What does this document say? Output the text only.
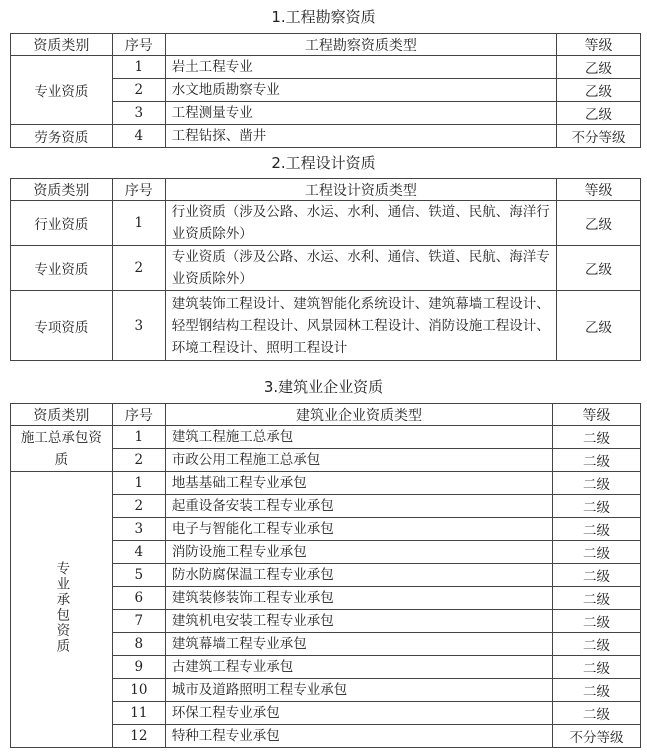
1.工程勘察资质
资质类别	序号	工程勘察资质类型	等级
专业资质	1	岩土工程专业	乙级
	2	水文地质勘察专业	乙级
	3	工程测量专业	乙级
劳务资质	4	工程钻探、凿井	不分等级
2.工程设计资质
资质类别	序号	工程设计资质类型	等级
行业资质	1	行业资质（涉及公路、水运、水利、通信、铁道、民航、海洋行业资质除外）	乙级
专业资质	2	专业资质（涉及公路、水运、水利、通信、铁道、民航、海洋专业资质除外）	乙级
专项资质	3	建筑装饰工程设计、建筑智能化系统设计、建筑幕墙工程设计、轻型钢结构工程设计、风景园林工程设计、消防设施工程设计、环境工程设计、照明工程设计	乙级
3.建筑业企业资质
资质类别	序号	建筑业企业资质类型	等级
施工总承包资质	1	建筑工程施工总承包	二级
	2	市政公用工程施工总承包	二级
专业承包资质	1	地基基础工程专业承包	二级
	2	起重设备安装工程专业承包	二级
	3	电子与智能化工程专业承包	二级
	4	消防设施工程专业承包	二级
	5	防水防腐保温工程专业承包	二级
	6	建筑装修装饰工程专业承包	二级
	7	建筑机电安装工程专业承包	二级
	8	建筑幕墙工程专业承包	二级
	9	古建筑工程专业承包	二级
	10	城市及道路照明工程专业承包	二级
	11	环保工程专业承包	二级
	12	特种工程专业承包	不分等级
